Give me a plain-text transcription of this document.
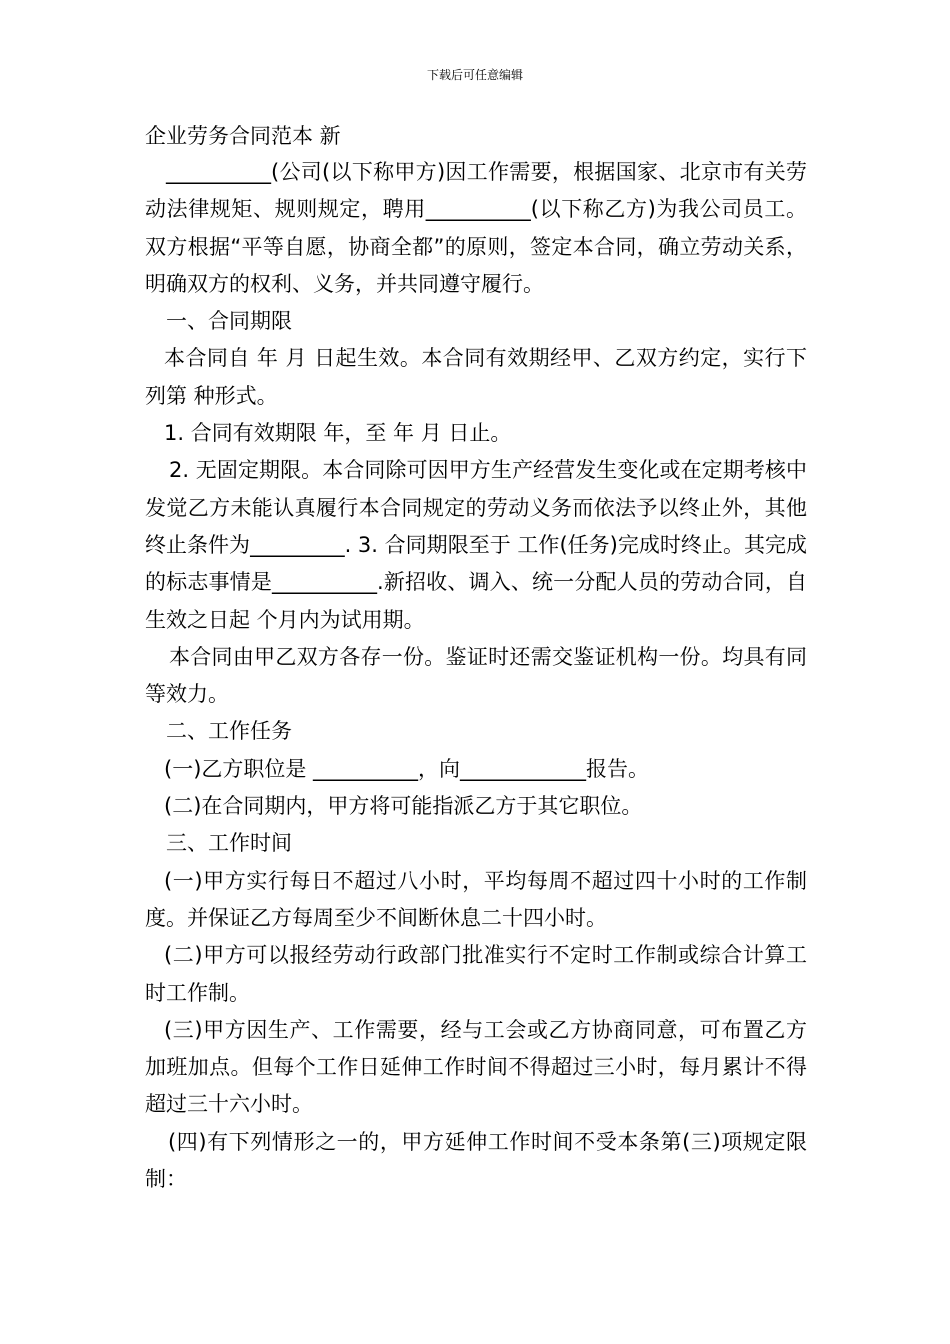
下载后可任意编辑
企业劳务合同范本 新

__________(公司(以下称甲方)因工作需要，根据国家、北京市有关劳动法律规矩、规则规定，聘用__________(以下称乙方)为我公司员工。双方根据“平等自愿，协商全都”的原则，签定本合同，确立劳动关系，明确双方的权利、义务，并共同遵守履行。

一、合同期限

本合同自 年 月 日起生效。本合同有效期经甲、乙双方约定，实行下列第 种形式。

1. 合同有效期限 年，至 年 月 日止。

2. 无固定期限。本合同除可因甲方生产经营发生变化或在定期考核中发觉乙方未能认真履行本合同规定的劳动义务而依法予以终止外，其他终止条件为_________. 3. 合同期限至于 工作(任务)完成时终止。其完成的标志事情是__________.新招收、调入、统一分配人员的劳动合同，自生效之日起 个月内为试用期。

本合同由甲乙双方各存一份。鉴证时还需交鉴证机构一份。均具有同等效力。

二、工作任务

(一)乙方职位是 __________，向____________报告。

(二)在合同期内，甲方将可能指派乙方于其它职位。

三、工作时间

(一)甲方实行每日不超过八小时，平均每周不超过四十小时的工作制度。并保证乙方每周至少不间断休息二十四小时。

(二)甲方可以报经劳动行政部门批准实行不定时工作制或综合计算工时工作制。

(三)甲方因生产、工作需要，经与工会或乙方协商同意，可布置乙方加班加点。但每个工作日延伸工作时间不得超过三小时，每月累计不得超过三十六小时。

(四)有下列情形之一的，甲方延伸工作时间不受本条第(三)项规定限制：
